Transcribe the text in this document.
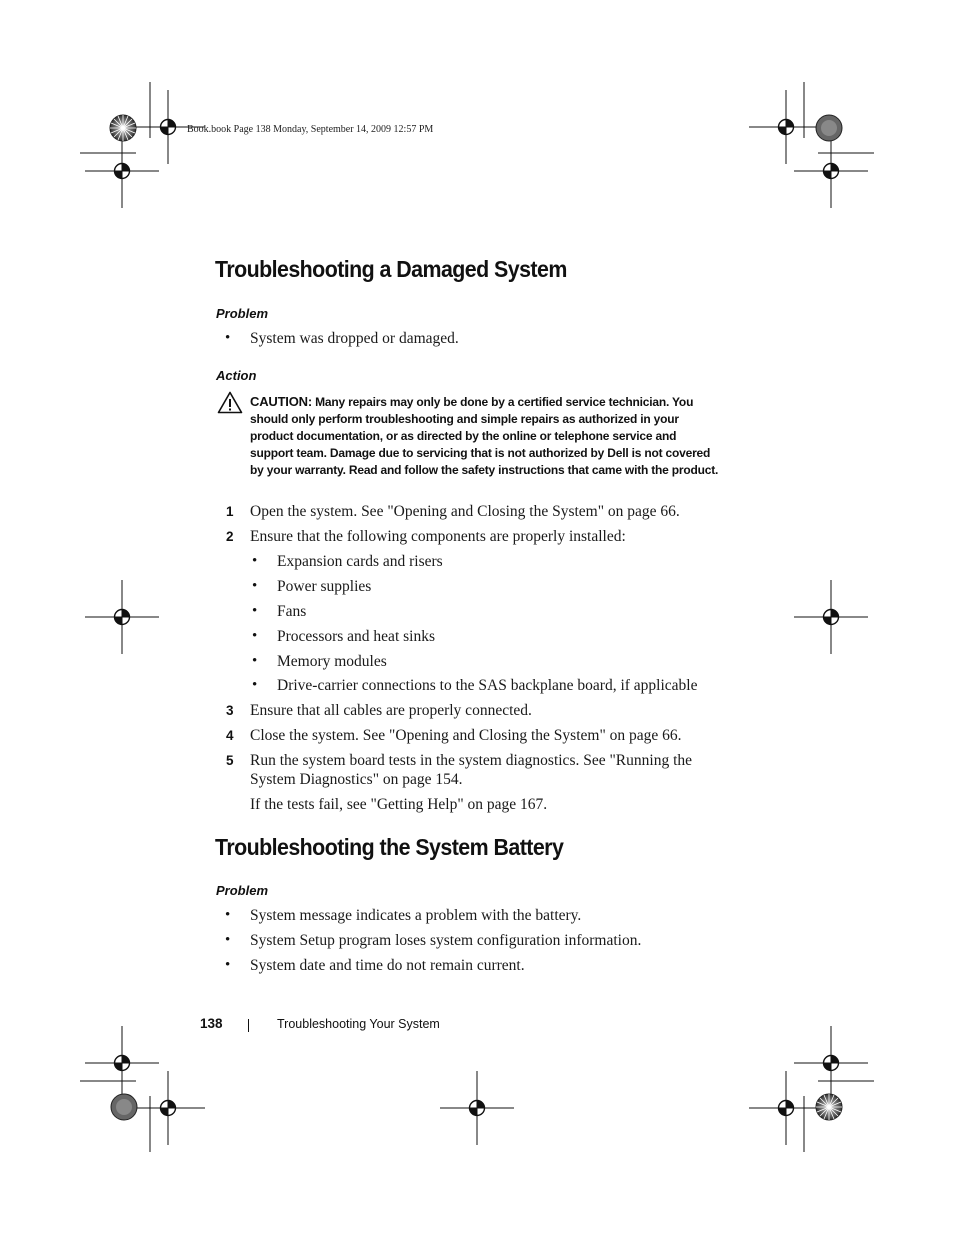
Book.book Page 138 Monday, September 14, 2009 12:57 PM
Troubleshooting a Damaged System
Problem
• System was dropped or damaged.
Action
CAUTION: Many repairs may only be done by a certified service technician. You should only perform troubleshooting and simple repairs as authorized in your product documentation, or as directed by the online or telephone service and support team. Damage due to servicing that is not authorized by Dell is not covered by your warranty. Read and follow the safety instructions that came with the product.
1 Open the system. See "Opening and Closing the System" on page 66.
2 Ensure that the following components are properly installed:
• Expansion cards and risers
• Power supplies
• Fans
• Processors and heat sinks
• Memory modules
• Drive-carrier connections to the SAS backplane board, if applicable
3 Ensure that all cables are properly connected.
4 Close the system. See "Opening and Closing the System" on page 66.
5 Run the system board tests in the system diagnostics. See "Running the
System Diagnostics" on page 154.
If the tests fail, see "Getting Help" on page 167.
Troubleshooting the System Battery
Problem
• System message indicates a problem with the battery.
• System Setup program loses system configuration information.
• System date and time do not remain current.
138	Troubleshooting Your System
